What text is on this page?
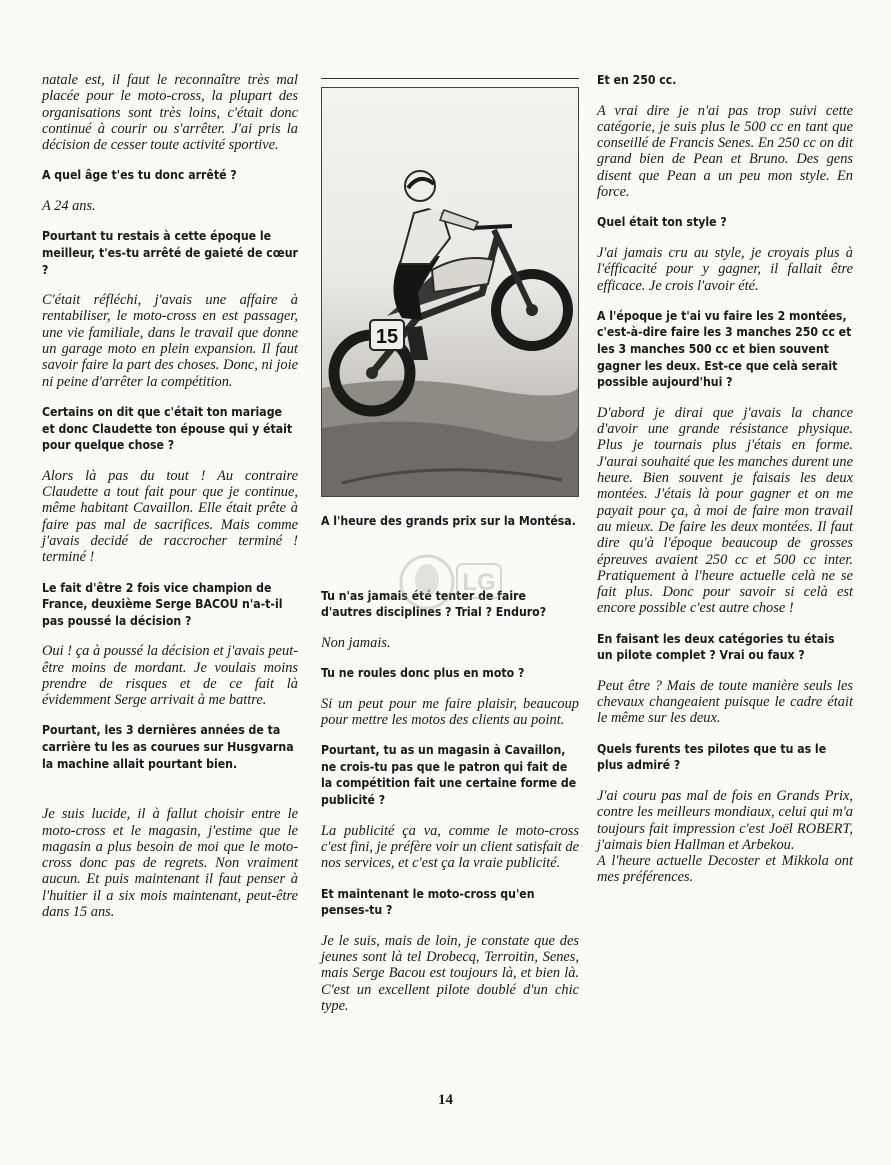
natale est, il faut le reconnaître très mal placée pour le moto-cross, la plupart des organisations sont très loins, c'était donc continué à courir ou s'arrêter. J'ai pris la décision de cesser toute activité sportive.

A quel âge t'es tu donc arrêté ?

A 24 ans.

Pourtant tu restais à cette époque le meilleur, t'es-tu arrêté de gaieté de cœur ?

C'était réfléchi, j'avais une affaire à rentabiliser, le moto-cross en est passager, une vie familiale, dans le travail que donne un garage moto en plein expansion. Il faut savoir faire la part des choses. Donc, ni joie ni peine d'arrêter la compétition.

Certains on dit que c'était ton mariage et donc Claudette ton épouse qui y était pour quelque chose ?

Alors là pas du tout ! Au contraire Claudette a tout fait pour que je continue, même habitant Cavaillon. Elle était prête à faire pas mal de sacrifices. Mais comme j'avais decidé de raccrocher terminé ! terminé !

Le fait d'être 2 fois vice champion de France, deuxième Serge BACOU n'a-t-il pas poussé la décision ?

Oui ! ça à poussé la décision et j'avais peut-être moins de mordant. Je voulais moins prendre de risques et de ce fait là évidemment Serge arrivait à me battre.

Pourtant, les 3 dernières années de ta carrière tu les as courues sur Husgvarna la machine allait pourtant bien.

Je suis lucide, il à fallut choisir entre le moto-cross et le magasin, j'estime que le magasin a plus besoin de moi que le moto-cross donc pas de regrets. Non vraiment aucun. Et puis maintenant il faut penser à l'huitier il a six mois maintenant, peut-être dans 15 ans.

15

A l'heure des grands prix sur la Montésa.

Tu n'as jamais été tenter de faire d'autres disciplines ? Trial ? Enduro?

Non jamais.

Tu ne roules donc plus en moto ?

Si un peut pour me faire plaisir, beaucoup pour mettre les motos des clients au point.

Pourtant, tu as un magasin à Cavaillon, ne crois-tu pas que le patron qui fait de la compétition fait une certaine forme de publicité ?

La publicité ça va, comme le moto-cross c'est fini, je préfère voir un client satisfait de nos services, et c'est ça la vraie publicité.

Et maintenant le moto-cross qu'en penses-tu ?

Je le suis, mais de loin, je constate que des jeunes sont là tel Drobecq, Terroitin, Senes, mais Serge Bacou est toujours là, et bien là. C'est un excellent pilote doublé d'un chic type.

LG

Et en 250 cc.

A vrai dire je n'ai pas trop suivi cette catégorie, je suis plus le 500 cc en tant que conseillé de Francis Senes. En 250 cc on dit grand bien de Pean et Bruno. Des gens disent que Pean a un peu mon style. En force.

Quel était ton style ?

J'ai jamais cru au style, je croyais plus à l'éfficacité pour y gagner, il fallait être efficace. Je crois l'avoir été.

A l'époque je t'ai vu faire les 2 montées, c'est-à-dire faire les 3 manches 250 cc et les 3 manches 500 cc et bien souvent gagner les deux. Est-ce que celà serait possible aujourd'hui ?

D'abord je dirai que j'avais la chance d'avoir une grande résistance physique. Plus je tournais plus j'étais en forme. J'aurai souhaité que les manches durent une heure. Bien souvent je faisais les deux montées. J'étais là pour gagner et on me payait pour ça, à moi de faire mon travail au mieux. De faire les deux montées. Il faut dire qu'à l'époque beaucoup de grosses épreuves avaient 250 cc et 500 cc inter. Pratiquement à l'heure actuelle celà ne se fait plus. Donc pour savoir si celà est encore possible c'est autre chose !

En faisant les deux catégories tu étais un pilote complet ? Vrai ou faux ?

Peut être ? Mais de toute manière seuls les chevaux changeaient puisque le cadre était le même sur les deux.

Quels furents tes pilotes que tu as le plus admiré ?

J'ai couru pas mal de fois en Grands Prix, contre les meilleurs mondiaux, celui qui m'a toujours fait impression c'est Joël ROBERT, j'aimais bien Hallman et Arbekou.

A l'heure actuelle Decoster et Mikkola ont mes préférences.

14
